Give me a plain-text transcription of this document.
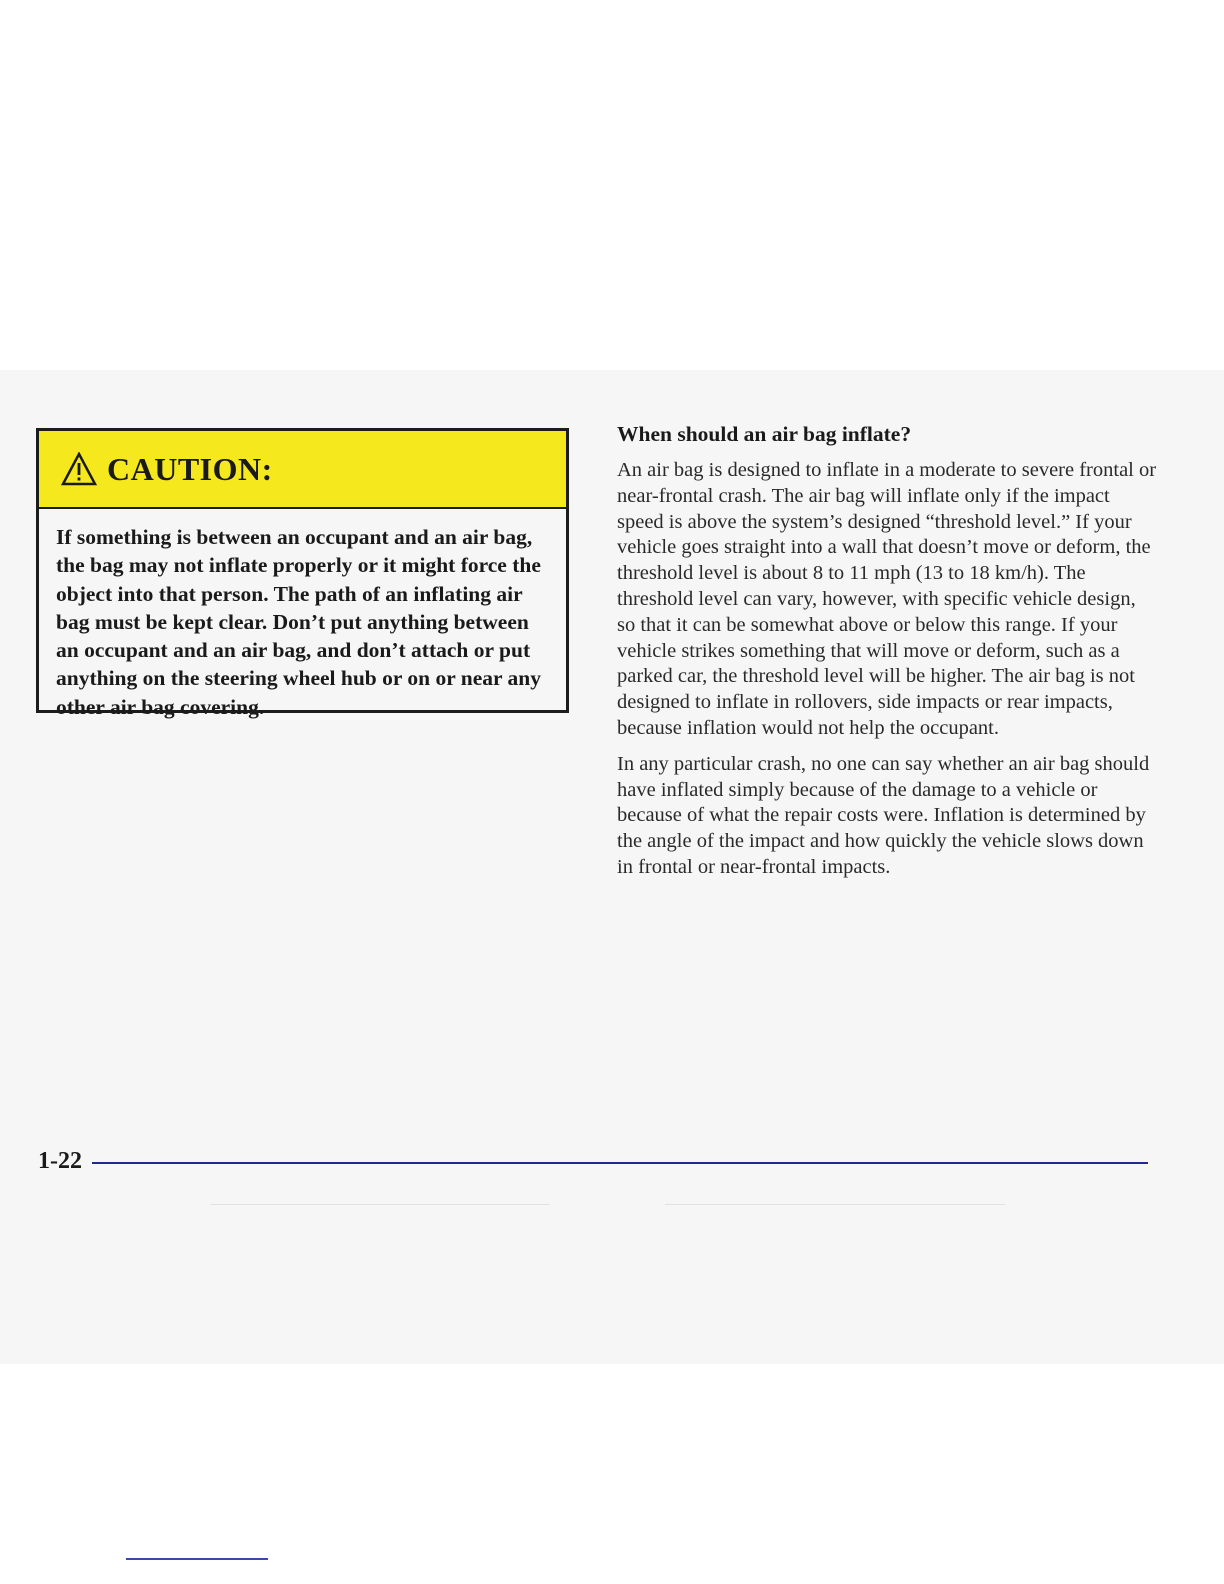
CAUTION:

If something is between an occupant and an air bag, the bag may not inflate properly or it might force the object into that person. The path of an inflating air bag must be kept clear. Don’t put anything between an occupant and an air bag, and don’t attach or put anything on the steering wheel hub or on or near any other air bag covering.

When should an air bag inflate?

An air bag is designed to inflate in a moderate to severe frontal or near-frontal crash. The air bag will inflate only if the impact speed is above the system’s designed “threshold level.” If your vehicle goes straight into a wall that doesn’t move or deform, the threshold level is about 8 to 11 mph (13 to 18 km/h). The threshold level can vary, however, with specific vehicle design, so that it can be somewhat above or below this range. If your vehicle strikes something that will move or deform, such as a parked car, the threshold level will be higher. The air bag is not designed to inflate in rollovers, side impacts or rear impacts, because inflation would not help the occupant.

In any particular crash, no one can say whether an air bag should have inflated simply because of the damage to a vehicle or because of what the repair costs were. Inflation is determined by the angle of the impact and how quickly the vehicle slows down in frontal or near-frontal impacts.

1-22
